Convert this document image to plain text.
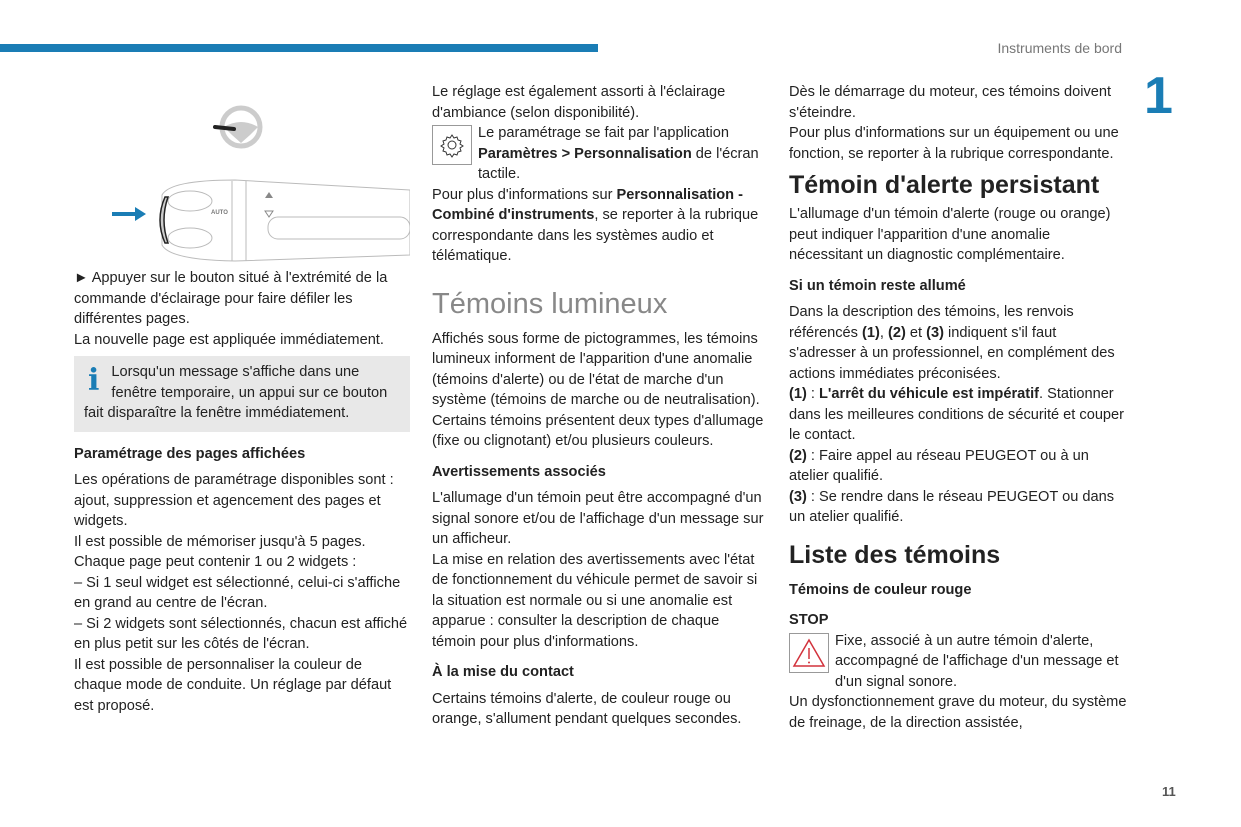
Instruments de bord
1
11
AUTO

► Appuyer sur le bouton situé à l'extrémité de la commande d'éclairage pour faire défiler les différentes pages.

La nouvelle page est appliquée immédiatement.

i Lorsqu'un message s'affiche dans une fenêtre temporaire, un appui sur ce bouton fait disparaître la fenêtre immédiatement.

Paramétrage des pages affichées

Les opérations de paramétrage disponibles sont : ajout, suppression et agencement des pages et widgets.

Il est possible de mémoriser jusqu'à 5 pages.

Chaque page peut contenir 1 ou 2 widgets :

– Si 1 seul widget est sélectionné, celui-ci s'affiche en grand au centre de l'écran.

– Si 2 widgets sont sélectionnés, chacun est affiché en plus petit sur les côtés de l'écran.

Il est possible de personnaliser la couleur de chaque mode de conduite. Un réglage par défaut est proposé.

Le réglage est également assorti à l'éclairage d'ambiance (selon disponibilité).

Le paramétrage se fait par l'application Paramètres > Personnalisation de l'écran tactile.

Pour plus d'informations sur Personnalisation - Combiné d'instruments, se reporter à la rubrique correspondante dans les systèmes audio et télématique.

Témoins lumineux

Affichés sous forme de pictogrammes, les témoins lumineux informent de l'apparition d'une anomalie (témoins d'alerte) ou de l'état de marche d'un système (témoins de marche ou de neutralisation). Certains témoins présentent deux types d'allumage (fixe ou clignotant) et/ou plusieurs couleurs.

Avertissements associés

L'allumage d'un témoin peut être accompagné d'un signal sonore et/ou de l'affichage d'un message sur un afficheur.

La mise en relation des avertissements avec l'état de fonctionnement du véhicule permet de savoir si la situation est normale ou si une anomalie est apparue : consulter la description de chaque témoin pour plus d'informations.

À la mise du contact

Certains témoins d'alerte, de couleur rouge ou orange, s'allument pendant quelques secondes.

Dès le démarrage du moteur, ces témoins doivent s'éteindre.

Pour plus d'informations sur un équipement ou une fonction, se reporter à la rubrique correspondante.

Témoin d'alerte persistant

L'allumage d'un témoin d'alerte (rouge ou orange) peut indiquer l'apparition d'une anomalie nécessitant un diagnostic complémentaire.

Si un témoin reste allumé

Dans la description des témoins, les renvois référencés (1), (2) et (3) indiquent s'il faut s'adresser à un professionnel, en complément des actions immédiates préconisées.

(1) : L'arrêt du véhicule est impératif. Stationner dans les meilleures conditions de sécurité et couper le contact.

(2) : Faire appel au réseau PEUGEOT ou à un atelier qualifié.

(3) : Se rendre dans le réseau PEUGEOT ou dans un atelier qualifié.

Liste des témoins

Témoins de couleur rouge

STOP

Fixe, associé à un autre témoin d'alerte, accompagné de l'affichage d'un message et d'un signal sonore.

Un dysfonctionnement grave du moteur, du système de freinage, de la direction assistée,
